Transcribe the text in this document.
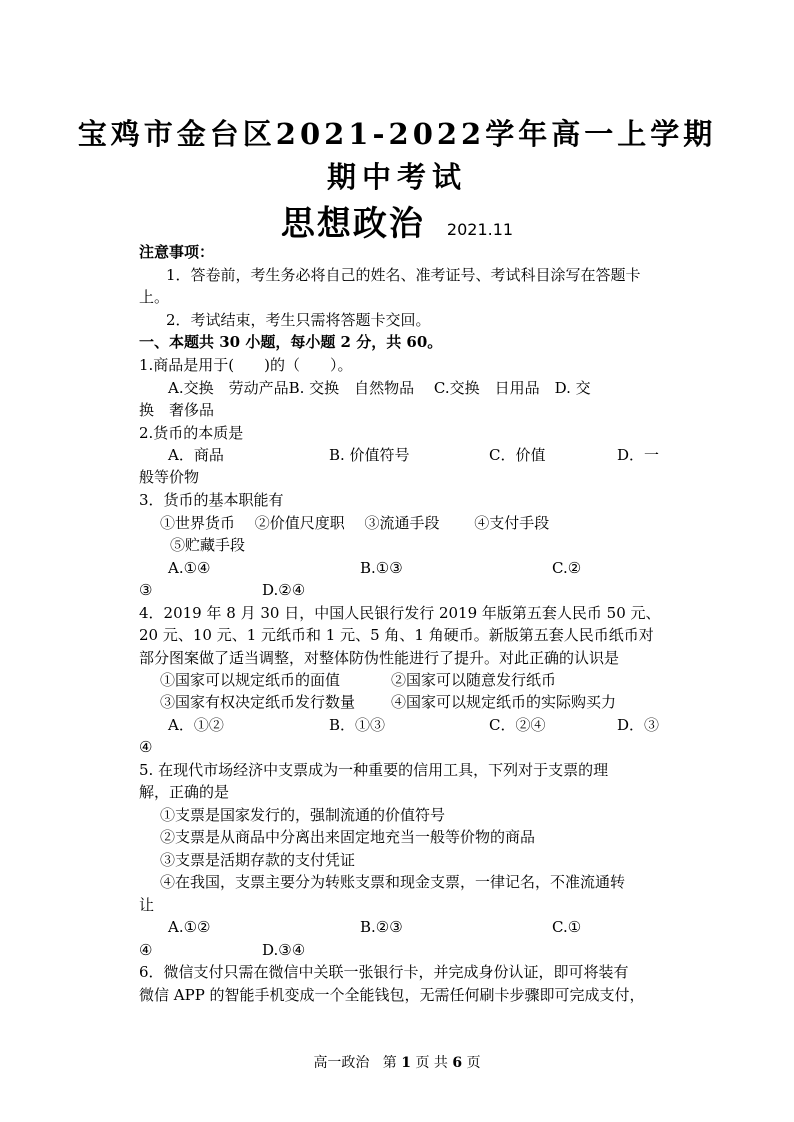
宝鸡市金台区2021-2022学年高一上学期
期中考试
思想政治 2021.11
注意事项：
1．答卷前，考生务必将自己的姓名、准考证号、考试科目涂写在答题卡
上。
2．考试结束，考生只需将答题卡交回。
一、本题共 30 小题，每小题 2 分，共 60。
1.商品是用于(　　)的（　　）。
A.交换　劳动产品B. 交换　自然物品　 C.交换　日用品　D. 交
换　奢侈品
2.货币的本质是
A．商品	B. 价值符号	C．价值	D．一
般等价物
3．货币的基本职能有
①世界货币　 ②价值尺度职　 ③流通手段　　 ④支付手段
⑤贮藏手段
A.①④	B.①③	C.②
③	D.②④
4．2019 年 8 月 30 日，中国人民银行发行 2019 年版第五套人民币 50 元、
20 元、10 元、1 元纸币和 1 元、5 角、1 角硬币。新版第五套人民币纸币对
部分图案做了适当调整，对整体防伪性能进行了提升。对此正确的认识是
①国家可以规定纸币的面值	②国家可以随意发行纸币
③国家有权决定纸币发行数量 ④国家可以规定纸币的实际购买力
A．①②	B．①③	C．②④	D．③
④
5. 在现代市场经济中支票成为一种重要的信用工具，下列对于支票的理
解，正确的是
①支票是国家发行的，强制流通的价值符号
②支票是从商品中分离出来固定地充当一般等价物的商品
③支票是活期存款的支付凭证
④在我国，支票主要分为转账支票和现金支票，一律记名，不准流通转
让
A.①②	B.②③	C.①
④	D.③④
6．微信支付只需在微信中关联一张银行卡，并完成身份认证，即可将装有
微信 APP 的智能手机变成一个全能钱包，无需任何刷卡步骤即可完成支付，
高一政治 第 1 页 共 6 页
